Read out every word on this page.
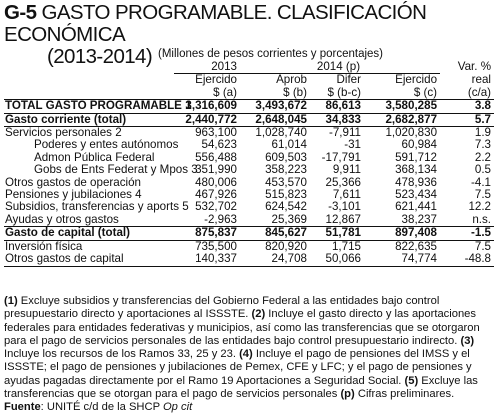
G-5 GASTO PROGRAMABLE. CLASIFICACIÓN ECONÓMICA
(2013-2014) (Millones de pesos corrientes y porcentajes)
	2013	2014 (p)			Var. %
	Ejercido	Aprob	Difer	Ejercido	real
	$ (a)	$ (b)	$ (b-c)	$ (c)	(c/a)
TOTAL GASTO PROGRAMABLE 1	3,316,609	3,493,672	86,613	3,580,285	3.8
Gasto corriente (total)	2,440,772	2,648,045	34,833	2,682,877	5.7
Servicios personales 2	963,100	1,028,740	-7,911	1,020,830	1.9
Poderes y entes autónomos	54,623	61,014	-31	60,984	7.3
Admon Pública Federal	556,488	609,503	-17,791	591,712	2.2
Gobs de Ents Federat y Mpos 3	351,990	358,223	9,911	368,134	0.5
Otros gastos de operación	480,006	453,570	25,366	478,936	-4.1
Pensiones y jubilaciones 4	467,926	515,823	7,611	523,434	7.5
Subsidios, transferencias y aports 5	532,702	624,542	-3,101	621,441	12.2
Ayudas y otros gastos	-2,963	25,369	12,867	38,237	n.s.
Gasto de capital (total)	875,837	845,627	51,781	897,408	-1.5
Inversión física	735,500	820,920	1,715	822,635	7.5
Otros gastos de capital	140,337	24,708	50,066	74,774	-48.8
(1) Excluye subsidios y transferencias del Gobierno Federal a las entidades bajo control presupuestario directo y aportaciones al ISSSTE. (2) Incluye el gasto directo y las aportaciones federales para entidades federativas y municipios, así como las transferencias que se otorgaron para el pago de servicios personales de las entidades bajo control presupuestario indirecto. (3) Incluye los recursos de los Ramos 33, 25 y 23. (4) Incluye el pago de pensiones del IMSS y el ISSSTE; el pago de pensiones y jubilaciones de Pemex, CFE y LFC; y el pago de pensiones y ayudas pagadas directamente por el Ramo 19 Aportaciones a Seguridad Social. (5) Excluye las transferencias que se otorgan para el pago de servicios personales (p) Cifras preliminares. Fuente: UNITÉ c/d de la SHCP Op cit
